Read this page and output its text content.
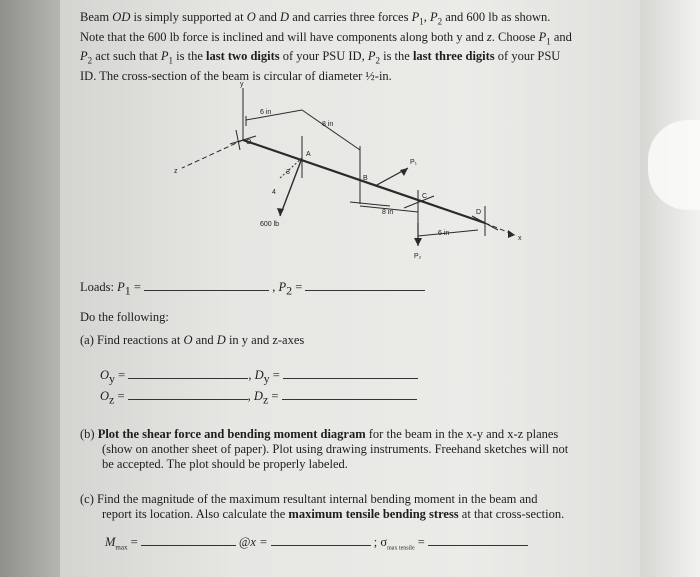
Beam OD is simply supported at O and D and carries three forces $P_1$, $P_2$ and 600 lb as shown.
Note that the 600 lb force is inclined and will have components along both y and z. Choose $P_1$ and
$P_2$ act such that $P_1$ is the last two digits of your PSU ID, $P_2$ is the last three digits of your PSU
ID. The cross-section of the beam is circular of diameter ½-in.
y
z
x
6 in
8 in
8 in
6 in
O
A
B
C
D
P₁
P₂
600 lb
3
4
Loads: $P_1$ =	, $P_2$ =
Do the following:
(a) Find reactions at O and D in y and z-axes
$O_y$ =	, $D_y$ =
$O_z$ =	, $D_z$ =
(b) Plot the shear force and bending moment diagram for the beam in the x-y and x-z planes
(show on another sheet of paper). Plot using drawing instruments. Freehand sketches will not
be accepted. The plot should be properly labeled.
(c) Find the magnitude of the maximum resultant internal bending moment in the beam and
report its location. Also calculate the maximum tensile bending stress at that cross-section.
$M_{max}$ =	@x =	; $\sigma_{max tensile}$ =
